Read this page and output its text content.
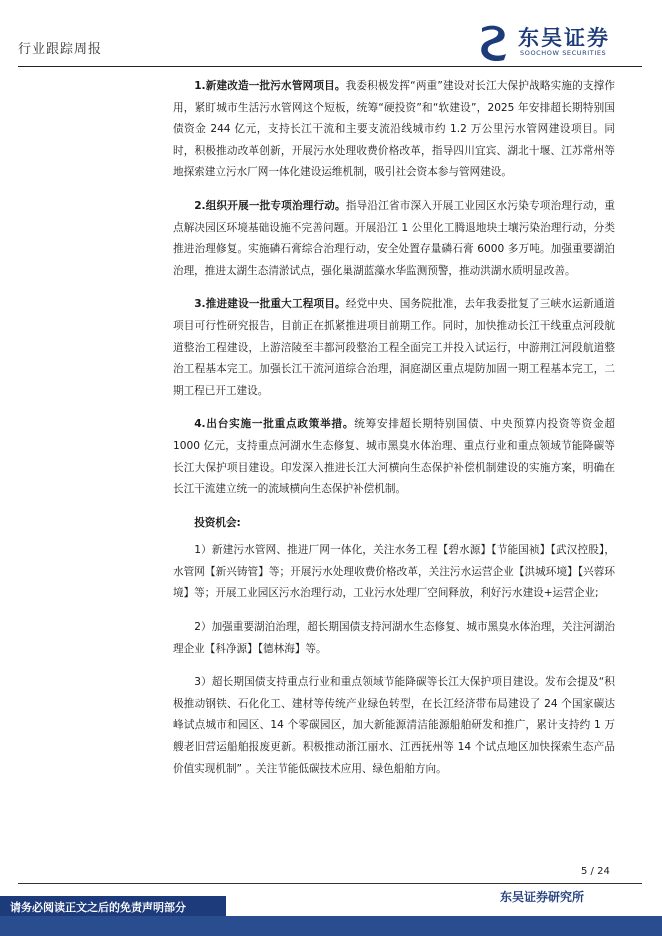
行业跟踪周报	东吴证券
SOOCHOW SECURITIES

1.新建改造一批污水管网项目。我委积极发挥“两重”建设对长江大保护战略实施的支撑作用，紧盯城市生活污水管网这个短板，统筹“硬投资”和“软建设”，2025 年安排超长期特别国债资金 244 亿元，支持长江干流和主要支流沿线城市约 1.2 万公里污水管网建设项目。同时，积极推动改革创新，开展污水处理收费价格改革，指导四川宜宾、湖北十堰、江苏常州等地探索建立污水厂网一体化建设运维机制，吸引社会资本参与管网建设。

2.组织开展一批专项治理行动。指导沿江省市深入开展工业园区水污染专项治理行动，重点解决园区环境基础设施不完善问题。开展沿江 1 公里化工腾退地块土壤污染治理行动，分类推进治理修复。实施磷石膏综合治理行动，安全处置存量磷石膏 6000 多万吨。加强重要湖泊治理，推进太湖生态清淤试点，强化巢湖蓝藻水华监测预警，推动洪湖水质明显改善。

3.推进建设一批重大工程项目。经党中央、国务院批准，去年我委批复了三峡水运新通道项目可行性研究报告，目前正在抓紧推进项目前期工作。同时，加快推动长江干线重点河段航道整治工程建设，上游涪陵至丰都河段整治工程全面完工并投入试运行，中游荆江河段航道整治工程基本完工。加强长江干流河道综合治理，洞庭湖区重点堤防加固一期工程基本完工，二期工程已开工建设。

4.出台实施一批重点政策举措。统筹安排超长期特别国债、中央预算内投资等资金超 1000 亿元，支持重点河湖水生态修复、城市黑臭水体治理、重点行业和重点领域节能降碳等长江大保护项目建设。印发深入推进长江大河横向生态保护补偿机制建设的实施方案，明确在长江干流建立统一的流域横向生态保护补偿机制。

投资机会:

1）新建污水管网、推进厂网一体化，关注水务工程【碧水源】【节能国祯】【武汉控股】，水管网【新兴铸管】等；开展污水处理收费价格改革，关注污水运营企业【洪城环境】【兴蓉环境】等；开展工业园区污水治理行动，工业污水处理厂空间释放，利好污水建设+运营企业;

2）加强重要湖泊治理，超长期国债支持河湖水生态修复、城市黑臭水体治理，关注河湖治理企业【科净源】【德林海】等。

3）超长期国债支持重点行业和重点领域节能降碳等长江大保护项目建设。发布会提及“积极推动钢铁、石化化工、建材等传统产业绿色转型，在长江经济带布局建设了 24 个国家碳达峰试点城市和园区、14 个零碳园区，加大新能源清洁能源船舶研发和推广，累计支持约 1 万艘老旧营运船舶报废更新。积极推动浙江丽水、江西抚州等 14 个试点地区加快探索生态产品价值实现机制” 。关注节能低碳技术应用、绿色船舶方向。

5 / 24
请务必阅读正文之后的免责声明部分
东吴证券研究所
